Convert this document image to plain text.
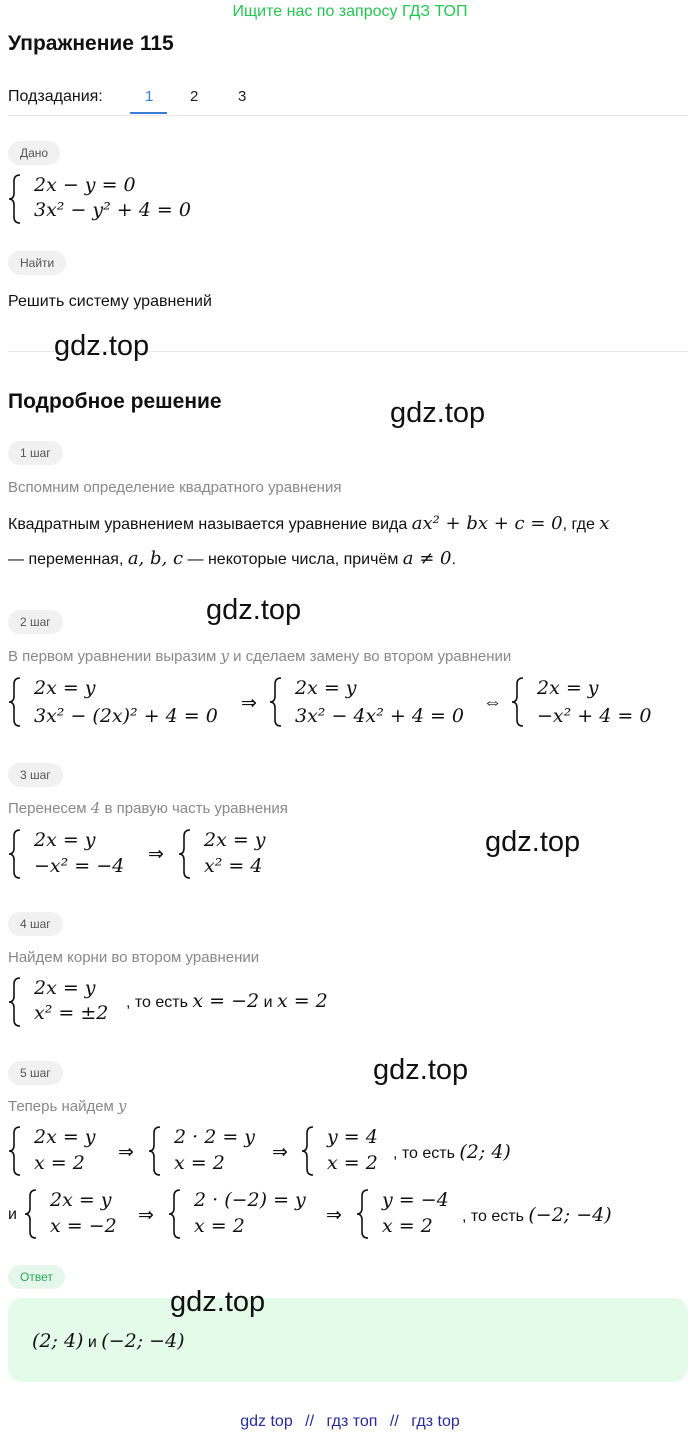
Ищите нас по запросу ГДЗ ТОП
Упражнение 115
Подзадания:	1 2	3
Дано
2x − y = 0
3x² − y² + 4 = 0
Найти
Решить систему уравнений
gdz.top
Подробное решение	gdz.top
1 шаг
Вспомним определение квадратного уравнения
Квадратным уравнением называется уравнение вида ax² + bx + c = 0, где x
— переменная, a, b, c — некоторые числа, причём a ≠ 0.
gdz.top
2 шаг
В первом уравнении выразим y и сделаем замену во втором уравнении
2x = y
3x² − (2x)² + 4 = 0
⇒
2x = y
3x² − 4x² + 4 = 0
⇔
2x = y
−x² + 4 = 0
3 шаг
Перенесем 4 в правую часть уравнения
2x = y
−x² = −4
⇒
2x = y
x² = 4
gdz.top
4 шаг
Найдем корни во втором уравнении
2x = y
x² = ±2 , то есть x = −2 и x = 2
gdz.top
5 шаг
Теперь найдем y
2x = y
x = 2 ⇒
2 · 2 = y
x = 2 ⇒
y = 4
x = 2 , то есть (2; 4)
и
2x = y
x = −2 ⇒
2 · (−2) = y
x = 2	⇒
y = −4
x = 2 , то есть (−2; −4)
Ответ
(2; 4) и (−2; −4)
gdz.top
gdz top // гдз топ // гдз top
